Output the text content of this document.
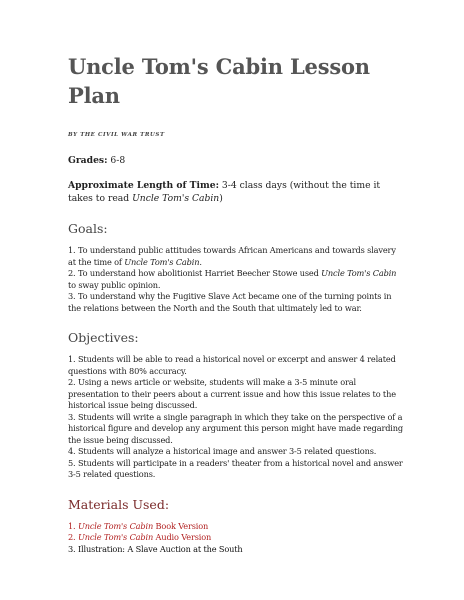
Uncle Tom's Cabin Lesson Plan
BY THE CIVIL WAR TRUST
Grades: 6-8
Approximate Length of Time: 3-4 class days (without the time it takes to read Uncle Tom's Cabin)
Goals:
1. To understand public attitudes towards African Americans and towards slavery at the time of Uncle Tom's Cabin.
2. To understand how abolitionist Harriet Beecher Stowe used Uncle Tom's Cabin to sway public opinion.
3. To understand why the Fugitive Slave Act became one of the turning points in the relations between the North and the South that ultimately led to war.
Objectives:
1. Students will be able to read a historical novel or excerpt and answer 4 related questions with 80% accuracy.
2. Using a news article or website, students will make a 3-5 minute oral presentation to their peers about a current issue and how this issue relates to the historical issue being discussed.
3. Students will write a single paragraph in which they take on the perspective of a historical figure and develop any argument this person might have made regarding the issue being discussed.
4. Students will analyze a historical image and answer 3-5 related questions.
5. Students will participate in a readers' theater from a historical novel and answer 3-5 related questions.
Materials Used:
1. Uncle Tom's Cabin Book Version
2. Uncle Tom's Cabin Audio Version
3. Illustration: A Slave Auction at the South
